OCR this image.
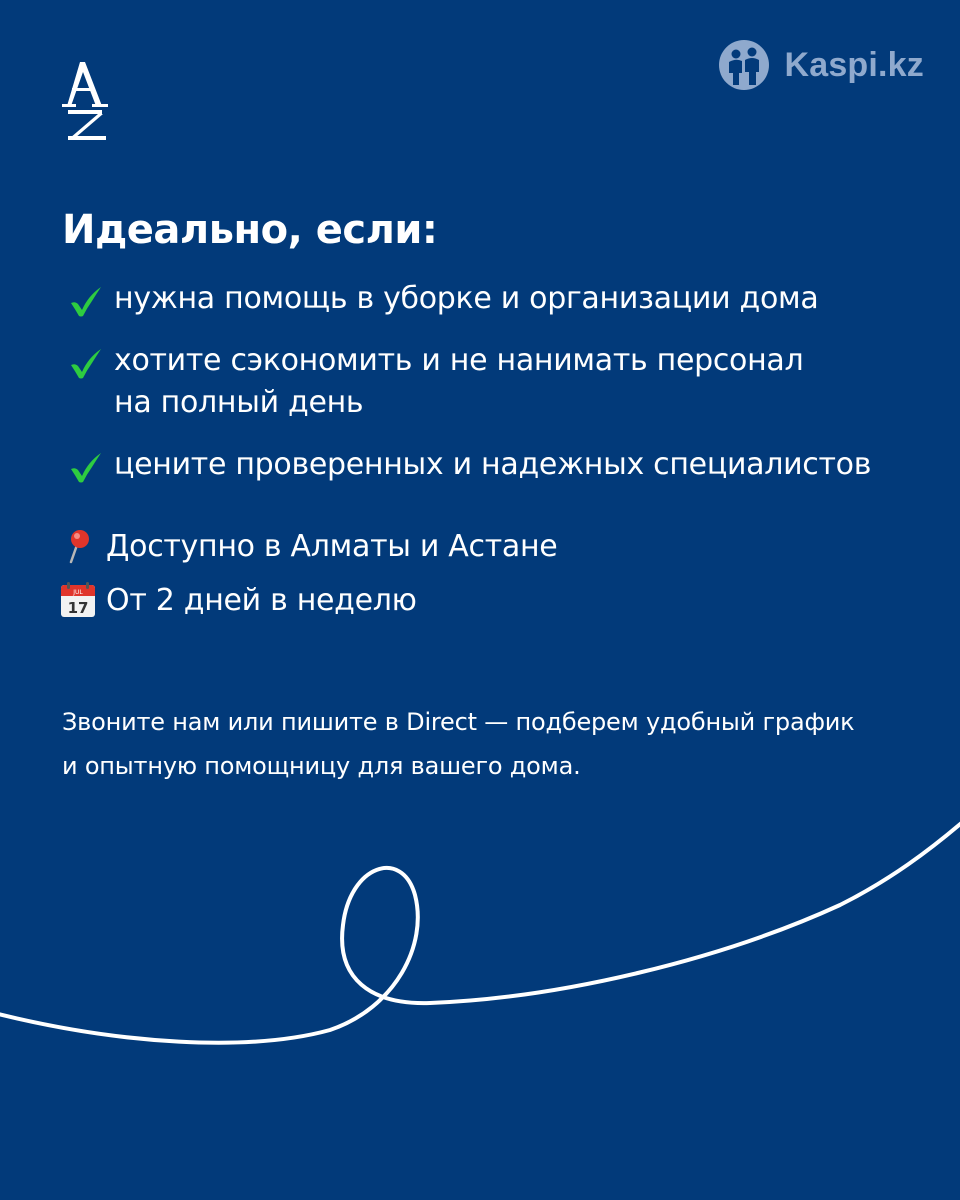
Kaspi.kz
Идеально, если:
нужна помощь в уборке и организации дома
хотите сэкономить и не нанимать персонал
на полный день
цените проверенных и надежных специалистов
Доступно в Алматы и Астане
JUL
17 От 2 дней в неделю

Звоните нам или пишите в Direct — подберем удобный график
и опытную помощницу для вашего дома.
